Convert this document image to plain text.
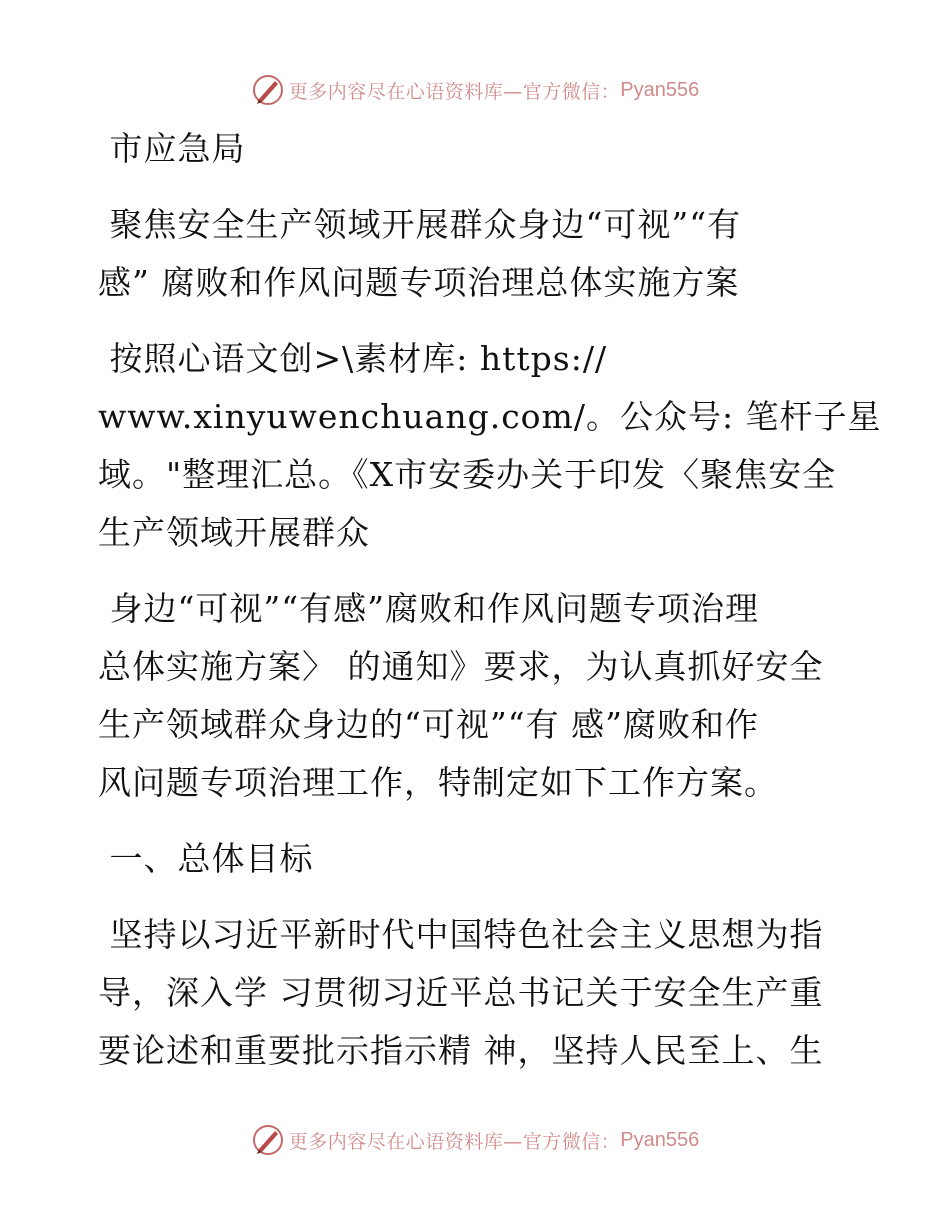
更多内容尽在心语资料库—官方微信： Pyan556
市应急局
聚焦安全生产领域开展群众身边“可视”“有
感” 腐败和作风问题专项治理总体实施方案
按照心语文创>\素材库: https://
www.xinyuwenchuang.com/。公众号: 笔杆子星
域。"整理汇总。《X市安委办关于印发〈聚焦安全
生产领域开展群众
身边“可视”“有感”腐败和作风问题专项治理
总体实施方案〉 的通知》要求，为认真抓好安全
生产领域群众身边的“可视”“有 感”腐败和作
风问题专项治理工作，特制定如下工作方案。
一、总体目标
坚持以习近平新时代中国特色社会主义思想为指
导，深入学 习贯彻习近平总书记关于安全生产重
要论述和重要批示指示精 神，坚持人民至上、生
更多内容尽在心语资料库—官方微信： Pyan556
